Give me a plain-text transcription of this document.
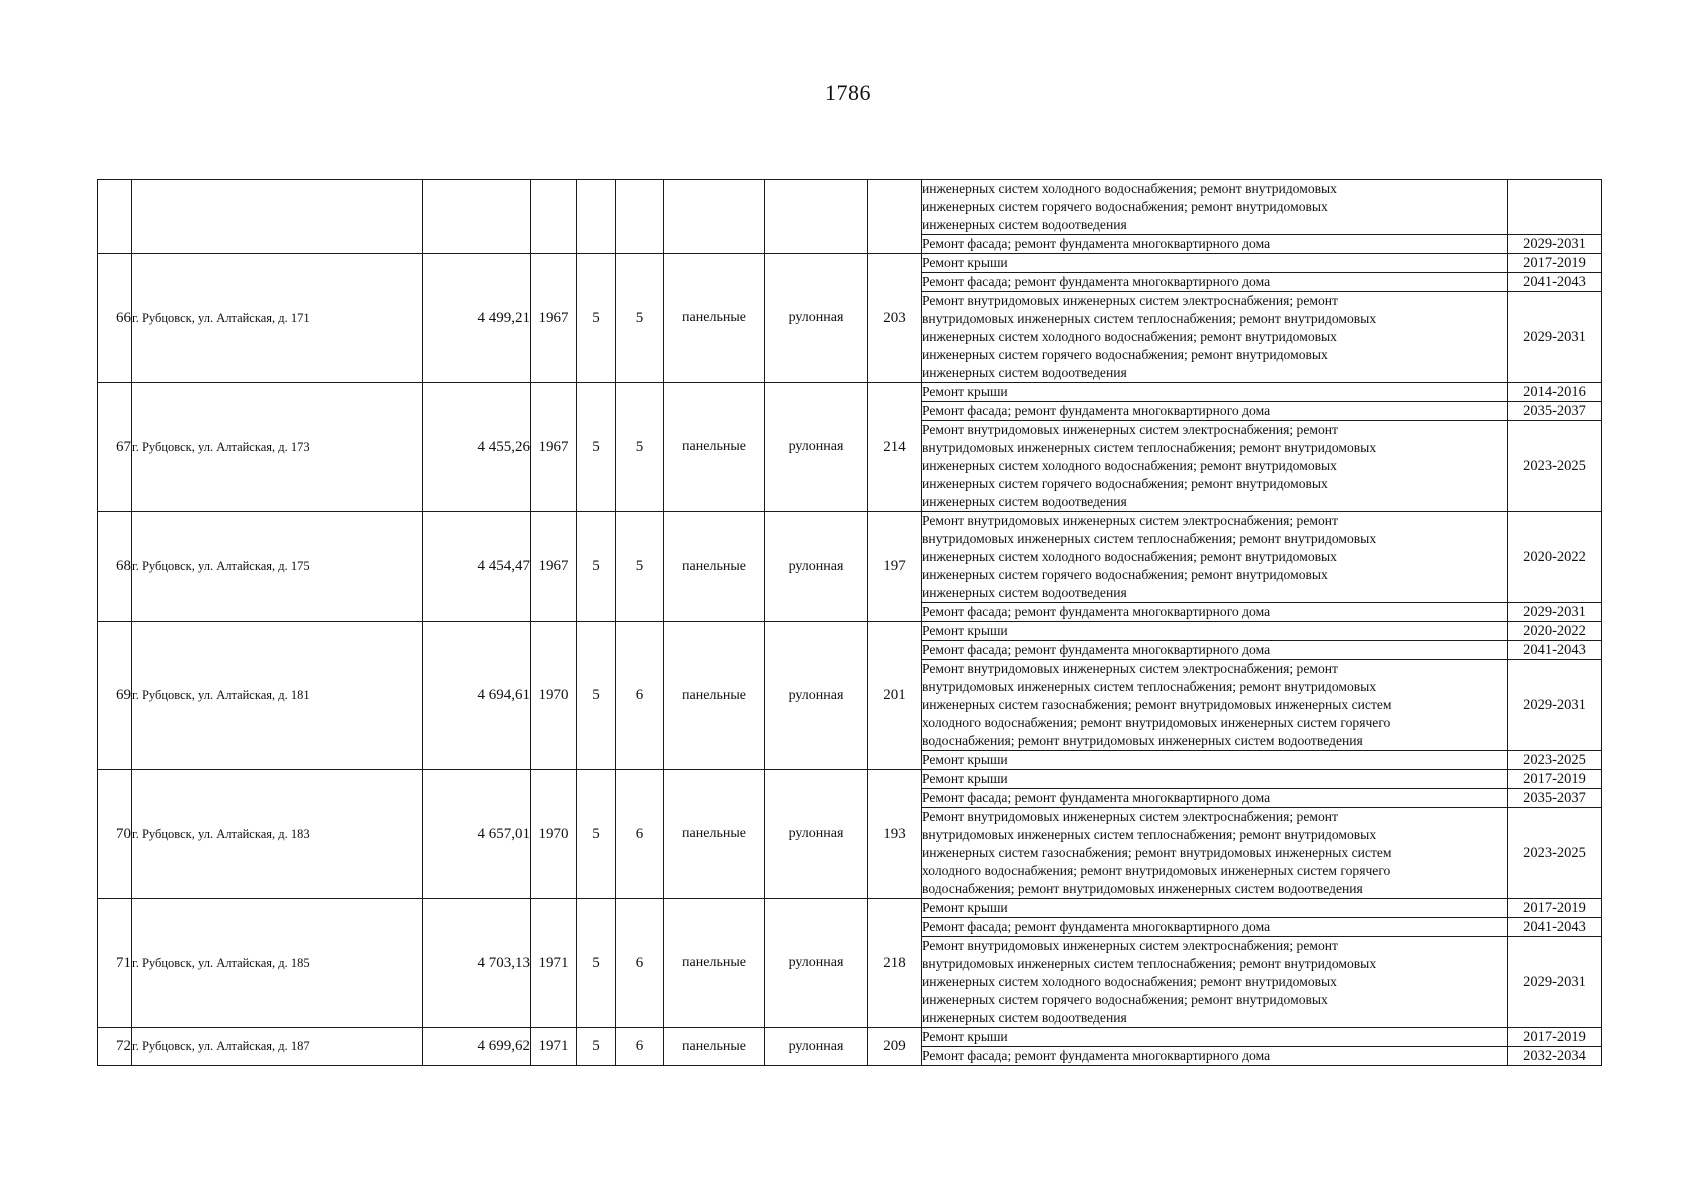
1786
									инженерных систем холодного водоснабжения; ремонт внутридомовых
инженерных систем горячего водоснабжения; ремонт внутридомовых
инженерных систем водоотведения	
									Ремонт фасада; ремонт фундамента многоквартирного дома	2029-2031
66	г. Рубцовск, ул. Алтайская, д. 171	4 499,21	1967	5	5	панельные	рулонная	203	Ремонт крыши	2017-2019
									Ремонт фасада; ремонт фундамента многоквартирного дома	2041-2043
									Ремонт внутридомовых инженерных систем электроснабжения; ремонт
внутридомовых инженерных систем теплоснабжения; ремонт внутридомовых
инженерных систем холодного водоснабжения; ремонт внутридомовых
инженерных систем горячего водоснабжения; ремонт внутридомовых
инженерных систем водоотведения	2029-2031
67	г. Рубцовск, ул. Алтайская, д. 173	4 455,26	1967	5	5	панельные	рулонная	214	Ремонт крыши	2014-2016
									Ремонт фасада; ремонт фундамента многоквартирного дома	2035-2037
									Ремонт внутридомовых инженерных систем электроснабжения; ремонт
внутридомовых инженерных систем теплоснабжения; ремонт внутридомовых
инженерных систем холодного водоснабжения; ремонт внутридомовых
инженерных систем горячего водоснабжения; ремонт внутридомовых
инженерных систем водоотведения	2023-2025
68	г. Рубцовск, ул. Алтайская, д. 175	4 454,47	1967	5	5	панельные	рулонная	197	Ремонт внутридомовых инженерных систем электроснабжения; ремонт
внутридомовых инженерных систем теплоснабжения; ремонт внутридомовых
инженерных систем холодного водоснабжения; ремонт внутридомовых
инженерных систем горячего водоснабжения; ремонт внутридомовых
инженерных систем водоотведения	2020-2022
									Ремонт фасада; ремонт фундамента многоквартирного дома	2029-2031
69	г. Рубцовск, ул. Алтайская, д. 181	4 694,61	1970	5	6	панельные	рулонная	201	Ремонт крыши	2020-2022
									Ремонт фасада; ремонт фундамента многоквартирного дома	2041-2043
									Ремонт внутридомовых инженерных систем электроснабжения; ремонт
внутридомовых инженерных систем теплоснабжения; ремонт внутридомовых
инженерных систем газоснабжения; ремонт внутридомовых инженерных систем
холодного водоснабжения; ремонт внутридомовых инженерных систем горячего
водоснабжения; ремонт внутридомовых инженерных систем водоотведения	2029-2031
									Ремонт крыши	2023-2025
70	г. Рубцовск, ул. Алтайская, д. 183	4 657,01	1970	5	6	панельные	рулонная	193	Ремонт крыши	2017-2019
									Ремонт фасада; ремонт фундамента многоквартирного дома	2035-2037
									Ремонт внутридомовых инженерных систем электроснабжения; ремонт
внутридомовых инженерных систем теплоснабжения; ремонт внутридомовых
инженерных систем газоснабжения; ремонт внутридомовых инженерных систем
холодного водоснабжения; ремонт внутридомовых инженерных систем горячего
водоснабжения; ремонт внутридомовых инженерных систем водоотведения	2023-2025
71	г. Рубцовск, ул. Алтайская, д. 185	4 703,13	1971	5	6	панельные	рулонная	218	Ремонт крыши	2017-2019
									Ремонт фасада; ремонт фундамента многоквартирного дома	2041-2043
									Ремонт внутридомовых инженерных систем электроснабжения; ремонт
внутридомовых инженерных систем теплоснабжения; ремонт внутридомовых
инженерных систем холодного водоснабжения; ремонт внутридомовых
инженерных систем горячего водоснабжения; ремонт внутридомовых
инженерных систем водоотведения	2029-2031
72	г. Рубцовск, ул. Алтайская, д. 187	4 699,62	1971	5	6	панельные	рулонная	209	Ремонт крыши	2017-2019
									Ремонт фасада; ремонт фундамента многоквартирного дома	2032-2034
